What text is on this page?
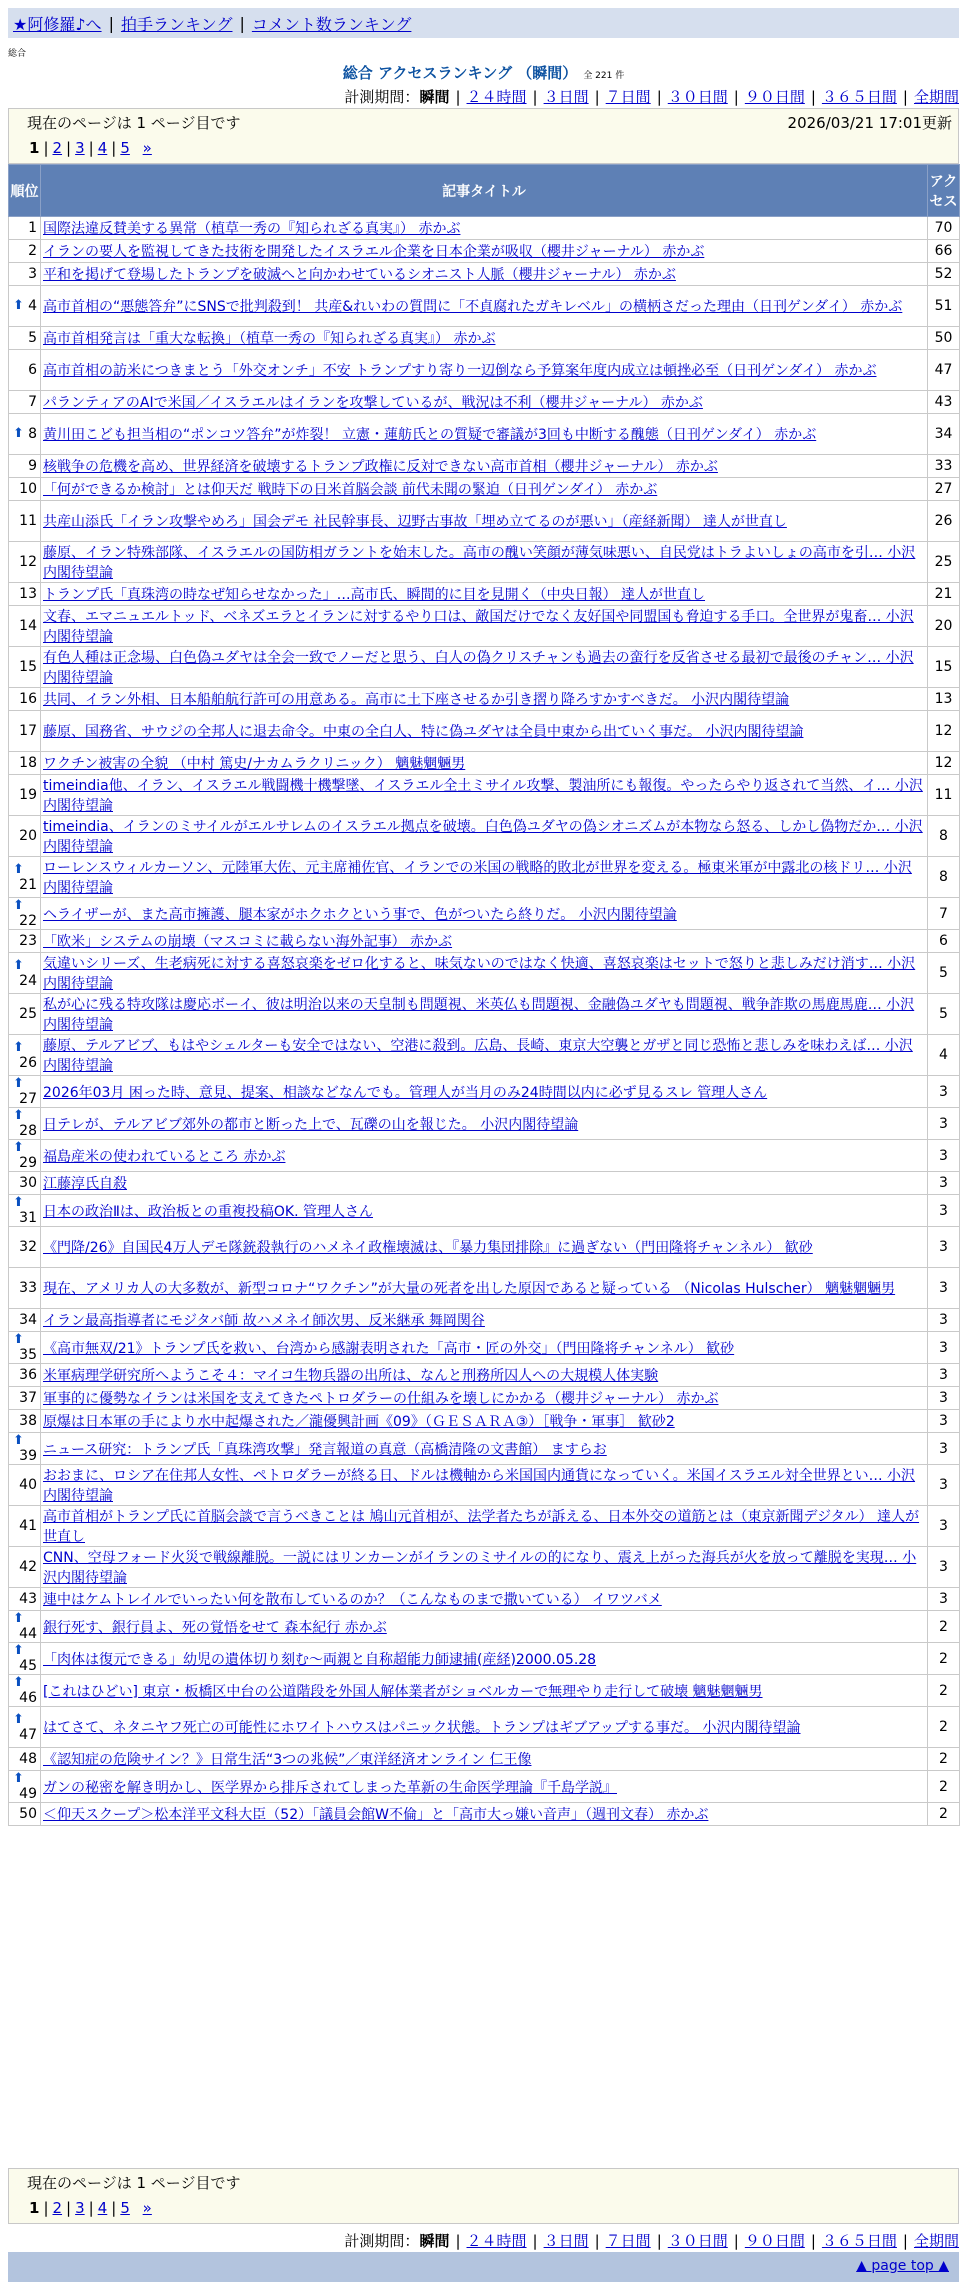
★阿修羅♪へ | 拍手ランキング | コメント数ランキング
総合
総合 アクセスランキング （瞬間） 全 221 件
計測期間：瞬間 | ２４時間 | ３日間 | ７日間 | ３０日間 | ９０日間 | ３６５日間 | 全期間
現在のページは 1 ページ目です	2026/03/21 17:01更新
1 | 2 | 3 | 4 | 5 »
順位	記事タイトル	アクセス
1	国際法違反賛美する異常（植草一秀の『知られざる真実』） 赤かぶ	70
2	イランの要人を監視してきた技術を開発したイスラエル企業を日本企業が吸収（櫻井ジャーナル） 赤かぶ	66
3	平和を掲げて登場したトランプを破滅へと向かわせているシオニスト人脈（櫻井ジャーナル） 赤かぶ	52

⬆ 4	高市首相の“悪態答弁”にSNSで批判殺到！ 共産&れいわの質問に「不貞腐れたガキレベル」の横柄さだった理由（日刊ゲンダイ） 赤かぶ	51
5	高市首相発言は「重大な転換」（植草一秀の『知られざる真実』） 赤かぶ	50
6	高市首相の訪米につきまとう「外交オンチ」不安 トランプすり寄り一辺倒なら予算案年度内成立は頓挫必至（日刊ゲンダイ） 赤かぶ	47
7	パランティアのAIで米国／イスラエルはイランを攻撃しているが、戦況は不利（櫻井ジャーナル） 赤かぶ	43

⬆ 8	黄川田こども担当相の“ポンコツ答弁”が炸裂！ 立憲・蓮舫氏との質疑で審議が3回も中断する醜態（日刊ゲンダイ） 赤かぶ	34
9	核戦争の危機を高め、世界経済を破壊するトランプ政権に反対できない高市首相（櫻井ジャーナル） 赤かぶ	33
10	「何ができるか検討」とは仰天だ 戦時下の日米首脳会談 前代未聞の緊迫（日刊ゲンダイ） 赤かぶ	27
11	共産山添氏「イラン攻撃やめろ」国会デモ 社民幹事長、辺野古事故「埋め立てるのが悪い」（産経新聞） 達人が世直し	26
12	藤原、イラン特殊部隊、イスラエルの国防相ガラントを始末した。高市の醜い笑顔が薄気味悪い、自民党はトラよいしょの高市を引… 小沢内閣待望論	25
13	トランプ氏「真珠湾の時なぜ知らせなかった」…高市氏、瞬間的に目を見開く（中央日報） 達人が世直し	21
14	文春、エマニュエルトッド、ベネズエラとイランに対するやり口は、敵国だけでなく友好国や同盟国も脅迫する手口。全世界が鬼畜… 小沢内閣待望論	20
15	有色人種は正念場、白色偽ユダヤは全会一致でノーだと思う、白人の偽クリスチャンも過去の蛮行を反省させる最初で最後のチャン… 小沢内閣待望論	15
16	共同、イラン外相、日本船舶航行許可の用意ある。高市に土下座させるか引き摺り降ろすかすべきだ。 小沢内閣待望論	13
17	藤原、国務省、サウジの全邦人に退去命令。中東の全白人、特に偽ユダヤは全員中東から出ていく事だ。 小沢内閣待望論	12
18	ワクチン被害の全貌 （中村 篤史/ナカムラクリニック） 魑魅魍魎男	12
19	timeindia他、イラン、イスラエル戦闘機十機撃墜、イスラエル全土ミサイル攻撃、製油所にも報復。やったらやり返されて当然、イ… 小沢内閣待望論	11
20	timeindia、イランのミサイルがエルサレムのイスラエル拠点を破壊。白色偽ユダヤの偽シオニズムが本物なら怒る、しかし偽物だか… 小沢内閣待望論	8

⬆
21	ローレンスウィルカーソン、元陸軍大佐、元主席補佐官、イランでの米国の戦略的敗北が世界を変える。極東米軍が中露北の核ドリ… 小沢内閣待望論	8

⬆
22	ヘライザーが、また高市擁護、腿本家がホクホクという事で、色がついたら終りだ。 小沢内閣待望論	7
23	「欧米」システムの崩壊（マスコミに載らない海外記事） 赤かぶ	6

⬆
24	気違いシリーズ、生老病死に対する喜怒哀楽をゼロ化すると、味気ないのではなく快適、喜怒哀楽はセットで怒りと悲しみだけ消す… 小沢内閣待望論	5
25	私が心に残る特攻隊は慶応ボーイ、彼は明治以来の天皇制も問題視、米英仏も問題視、金融偽ユダヤも問題視、戦争詐欺の馬鹿馬鹿… 小沢内閣待望論	5

⬆
26	藤原、テルアビブ、もはやシェルターも安全ではない、空港に殺到。広島、長崎、東京大空襲とガザと同じ恐怖と悲しみを味わえば… 小沢内閣待望論	4

⬆
27	2026年03月 困った時、意見、提案、相談などなんでも。管理人が当月のみ24時間以内に必ず見るスレ 管理人さん	3

⬆
28	日テレが、テルアビブ郊外の都市と断った上で、瓦礫の山を報じた。 小沢内閣待望論	3

⬆
29	福島産米の使われているところ 赤かぶ	3
30	江藤淳氏自殺	3

⬆
31	日本の政治Ⅱは、政治板との重複投稿OK. 管理人さん	3
32	《門降/26》自国民4万人デモ隊銃殺執行のハメネイ政権壊滅は、『暴力集団排除』に過ぎない（門田隆将チャンネル） 歓砂	3
33	現在、アメリカ人の大多数が、新型コロナ“ワクチン”が大量の死者を出した原因であると疑っている （Nicolas Hulscher） 魑魅魍魎男	3
34	イラン最高指導者にモジタバ師 故ハメネイ師次男、反米継承 舞岡関谷	3

⬆
35	《高市無双/21》トランプ氏を救い、台湾から感謝表明された「高市・匠の外交」（門田隆将チャンネル） 歓砂	3
36	米軍病理学研究所へようこそ４：マイコ生物兵器の出所は、なんと刑務所囚人への大規模人体実験	3
37	軍事的に優勢なイランは米国を支えてきたペトロダラーの仕組みを壊しにかかる（櫻井ジャーナル） 赤かぶ	3
38	原爆は日本軍の手により水中起爆された／瀧優興計画《09》（ＧＥＳＡＲＡ③）［戦争・軍事］ 歓砂2	3

⬆
39	ニュース研究：トランプ氏「真珠湾攻撃」発言報道の真意（高橋清隆の文書館） ますらお	3
40	おおまに、ロシア在住邦人女性、ペトロダラーが終る日、ドルは機軸から米国国内通貨になっていく。米国イスラエル対全世界とい… 小沢内閣待望論	3
41	高市首相がトランプ氏に首脳会談で言うべきことは 鳩山元首相が、法学者たちが訴える、日本外交の道筋とは（東京新聞デジタル） 達人が世直し	3
42	CNN、空母フォード火災で戦線離脱。一説にはリンカーンがイランのミサイルの的になり、震え上がった海兵が火を放って離脱を実現… 小沢内閣待望論	3
43	連中はケムトレイルでいったい何を散布しているのか？（こんなものまで撒いている） イワツバメ	3

⬆
44	銀行死す、銀行員よ、死の覚悟をせて 森本紀行 赤かぶ	2

⬆
45	「肉体は復元できる」幼児の遺体切り刻む～両親と自称超能力師逮捕(産経)2000.05.28	2

⬆
46	[これはひどい] 東京・板橋区中台の公道階段を外国人解体業者がショベルカーで無理やり走行して破壊 魑魅魍魎男	2

⬆
47	はてさて、ネタニヤフ死亡の可能性にホワイトハウスはパニック状態。トランプはギブアップする事だ。 小沢内閣待望論	2
48	《認知症の危険サイン？》日常生活“3つの兆候”／東洋経済オンライン 仁王像	2

⬆
49	ガンの秘密を解き明かし、医学界から排斥されてしまった革新の生命医学理論『千島学説』	2
50	＜仰天スクープ＞松本洋平文科大臣（52）「議員会館W不倫」と「高市大っ嫌い音声」（週刊文春） 赤かぶ	2
現在のページは 1 ページ目です
1 | 2 | 3 | 4 | 5 »
計測期間：瞬間 | ２４時間 | ３日間 | ７日間 | ３０日間 | ９０日間 | ３６５日間 | 全期間
▲ page top ▲
